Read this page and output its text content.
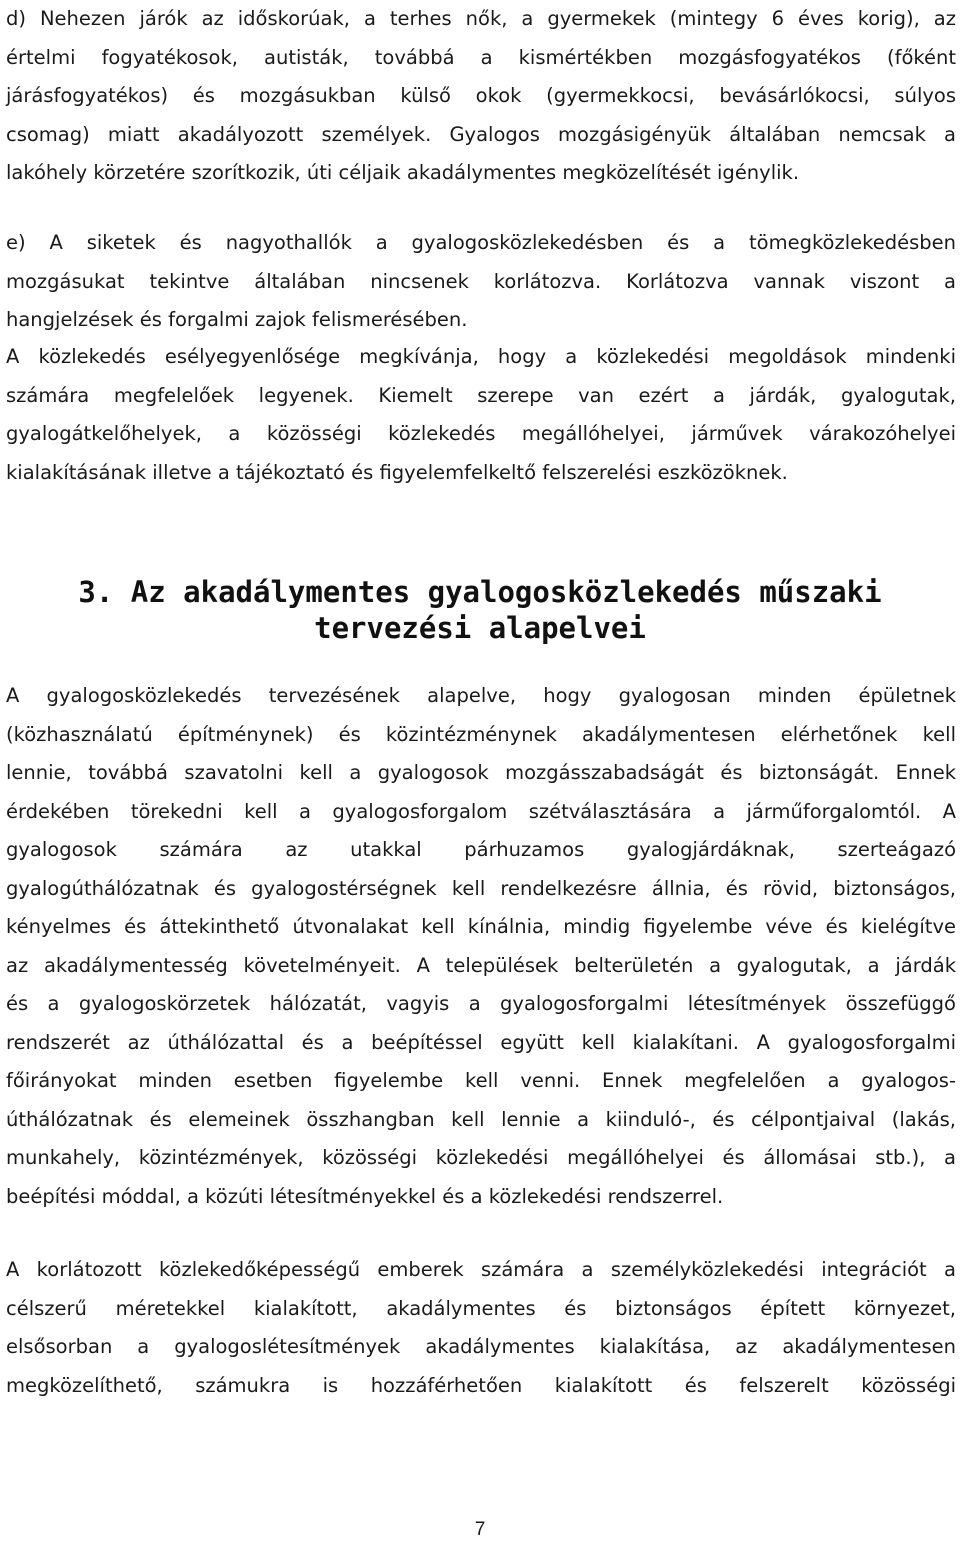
d) Nehezen járók az időskorúak, a terhes nők, a gyermekek (mintegy 6 éves korig), az
értelmi fogyatékosok, autisták, továbbá a kismértékben mozgásfogyatékos (főként
járásfogyatékos) és mozgásukban külső okok (gyermekkocsi, bevásárlókocsi, súlyos
csomag) miatt akadályozott személyek. Gyalogos mozgásigényük általában nemcsak a
lakóhely körzetére szorítkozik, úti céljaik akadálymentes megközelítését igénylik.
e) A siketek és nagyothallók a gyalogosközlekedésben és a tömegközlekedésben
mozgásukat tekintve általában nincsenek korlátozva. Korlátozva vannak viszont a
hangjelzések és forgalmi zajok felismerésében.
A közlekedés esélyegyenlősége megkívánja, hogy a közlekedési megoldások mindenki
számára megfelelőek legyenek. Kiemelt szerepe van ezért a járdák, gyalogutak,
gyalogátkelőhelyek, a közösségi közlekedés megállóhelyei, járművek várakozóhelyei
kialakításának illetve a tájékoztató és figyelemfelkeltő felszerelési eszközöknek.
3. Az akadálymentes gyalogosközlekedés műszaki
tervezési alapelvei
A gyalogosközlekedés tervezésének alapelve, hogy gyalogosan minden épületnek
(közhasználatú építménynek) és közintézménynek akadálymentesen elérhetőnek kell
lennie, továbbá szavatolni kell a gyalogosok mozgásszabadságát és biztonságát. Ennek
érdekében törekedni kell a gyalogosforgalom szétválasztására a járműforgalomtól. A
gyalogosok számára az utakkal párhuzamos gyalogjárdáknak, szerteágazó
gyalogúthálózatnak és gyalogostérségnek kell rendelkezésre állnia, és rövid, biztonságos,
kényelmes és áttekinthető útvonalakat kell kínálnia, mindig figyelembe véve és kielégítve
az akadálymentesség követelményeit. A települések belterületén a gyalogutak, a járdák
és a gyalogoskörzetek hálózatát, vagyis a gyalogosforgalmi létesítmények összefüggő
rendszerét az úthálózattal és a beépítéssel együtt kell kialakítani. A gyalogosforgalmi
főirányokat minden esetben figyelembe kell venni. Ennek megfelelően a gyalogos-
úthálózatnak és elemeinek összhangban kell lennie a kiinduló-, és célpontjaival (lakás,
munkahely, közintézmények, közösségi közlekedési megállóhelyei és állomásai stb.), a
beépítési móddal, a közúti létesítményekkel és a közlekedési rendszerrel.
A korlátozott közlekedőképességű emberek számára a személyközlekedési integrációt a
célszerű méretekkel kialakított, akadálymentes és biztonságos épített környezet,
elsősorban a gyalogoslétesítmények akadálymentes kialakítása, az akadálymentesen
megközelíthető, számukra is hozzáférhetően kialakított és felszerelt közösségi
7
